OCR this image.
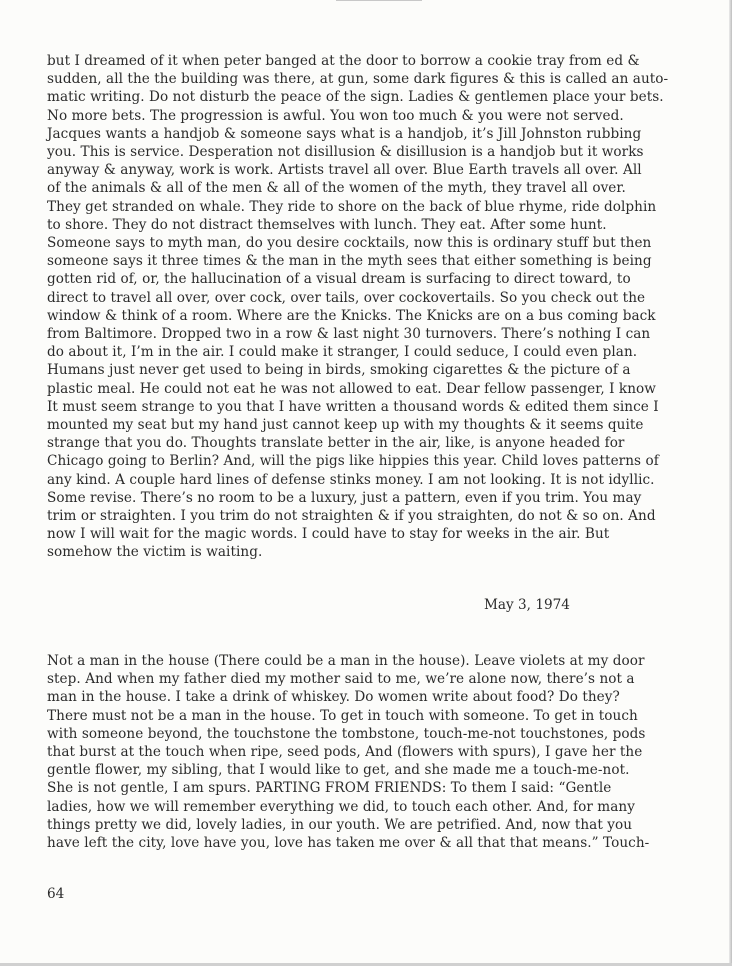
but I dreamed of it when peter banged at the door to borrow a cookie tray from ed &
sudden, all the the building was there, at gun, some dark figures & this is called an auto-
matic writing. Do not disturb the peace of the sign. Ladies & gentlemen place your bets.
No more bets. The progression is awful. You won too much & you were not served.
Jacques wants a handjob & someone says what is a handjob, it’s Jill Johnston rubbing
you. This is service. Desperation not disillusion & disillusion is a handjob but it works
anyway & anyway, work is work. Artists travel all over. Blue Earth travels all over. All
of the animals & all of the men & all of the women of the myth, they travel all over.
They get stranded on whale. They ride to shore on the back of blue rhyme, ride dolphin
to shore. They do not distract themselves with lunch. They eat. After some hunt.
Someone says to myth man, do you desire cocktails, now this is ordinary stuff but then
someone says it three times & the man in the myth sees that either something is being
gotten rid of, or, the hallucination of a visual dream is surfacing to direct toward, to
direct to travel all over, over cock, over tails, over cockovertails. So you check out the
window & think of a room. Where are the Knicks. The Knicks are on a bus coming back
from Baltimore. Dropped two in a row & last night 30 turnovers. There’s nothing I can
do about it, I’m in the air. I could make it stranger, I could seduce, I could even plan.
Humans just never get used to being in birds, smoking cigarettes & the picture of a
plastic meal. He could not eat he was not allowed to eat. Dear fellow passenger, I know
It must seem strange to you that I have written a thousand words & edited them since I
mounted my seat but my hand just cannot keep up with my thoughts & it seems quite
strange that you do. Thoughts translate better in the air, like, is anyone headed for
Chicago going to Berlin? And, will the pigs like hippies this year. Child loves patterns of
any kind. A couple hard lines of defense stinks money. I am not looking. It is not idyllic.
Some revise. There’s no room to be a luxury, just a pattern, even if you trim. You may
trim or straighten. I you trim do not straighten & if you straighten, do not & so on. And
now I will wait for the magic words. I could have to stay for weeks in the air. But
somehow the victim is waiting.
May 3, 1974
Not a man in the house (There could be a man in the house). Leave violets at my door
step. And when my father died my mother said to me, we’re alone now, there’s not a
man in the house. I take a drink of whiskey. Do women write about food? Do they?
There must not be a man in the house. To get in touch with someone. To get in touch
with someone beyond, the touchstone the tombstone, touch-me-not touchstones, pods
that burst at the touch when ripe, seed pods, And (flowers with spurs), I gave her the
gentle flower, my sibling, that I would like to get, and she made me a touch-me-not.
She is not gentle, I am spurs. PARTING FROM FRIENDS: To them I said: “Gentle
ladies, how we will remember everything we did, to touch each other. And, for many
things pretty we did, lovely ladies, in our youth. We are petrified. And, now that you
have left the city, love have you, love has taken me over & all that that means.” Touch-
64
